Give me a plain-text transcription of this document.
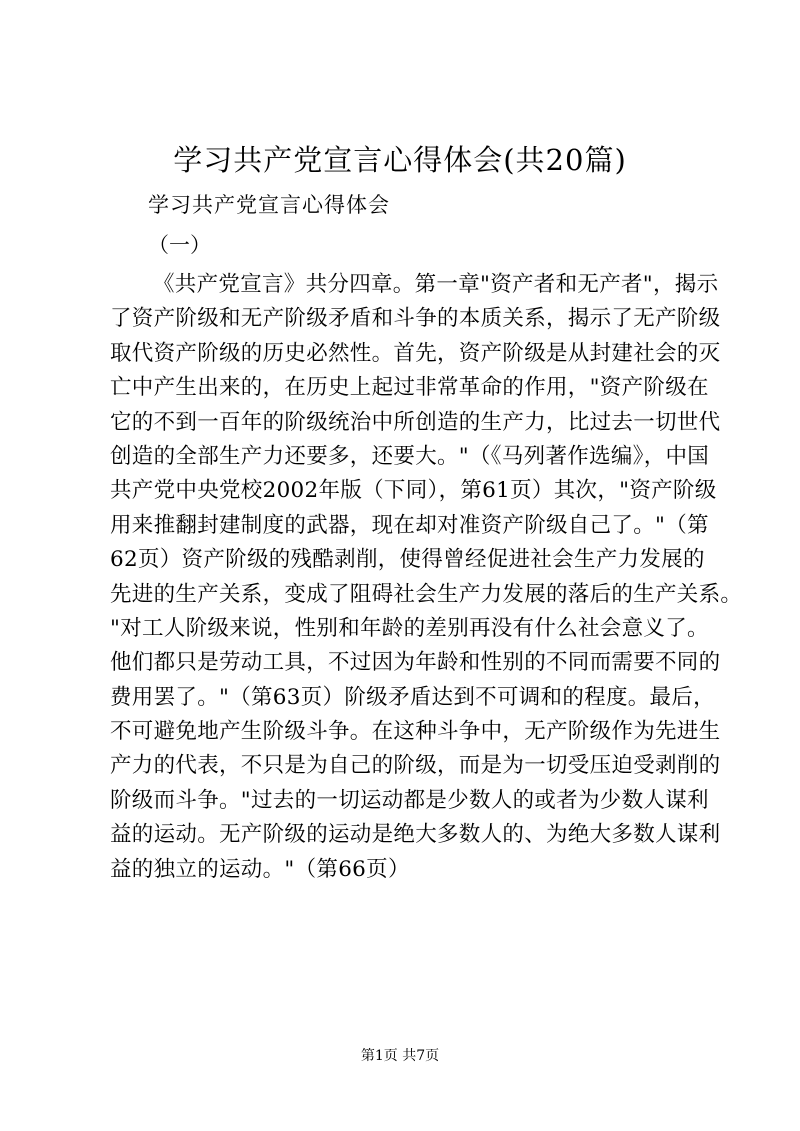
学习共产党宣言心得体会(共20篇)

学习共产党宣言心得体会

（一）

《共产党宣言》共分四章。第一章"资产者和无产者"，揭示
了资产阶级和无产阶级矛盾和斗争的本质关系，揭示了无产阶级
取代资产阶级的历史必然性。首先，资产阶级是从封建社会的灭
亡中产生出来的，在历史上起过非常革命的作用，"资产阶级在
它的不到一百年的阶级统治中所创造的生产力，比过去一切世代
创造的全部生产力还要多，还要大。"（《马列著作选编》，中国
共产党中央党校2002年版（下同），第61页）其次，"资产阶级
用来推翻封建制度的武器，现在却对准资产阶级自己了。"（第
62页）资产阶级的残酷剥削，使得曾经促进社会生产力发展的
先进的生产关系，变成了阻碍社会生产力发展的落后的生产关系。
"对工人阶级来说，性别和年龄的差别再没有什么社会意义了。
他们都只是劳动工具，不过因为年龄和性别的不同而需要不同的
费用罢了。"（第63页）阶级矛盾达到不可调和的程度。最后，
不可避免地产生阶级斗争。在这种斗争中，无产阶级作为先进生
产力的代表，不只是为自己的阶级，而是为一切受压迫受剥削的
阶级而斗争。"过去的一切运动都是少数人的或者为少数人谋利
益的运动。无产阶级的运动是绝大多数人的、为绝大多数人谋利
益的独立的运动。"（第66页）

第1页 共7页
